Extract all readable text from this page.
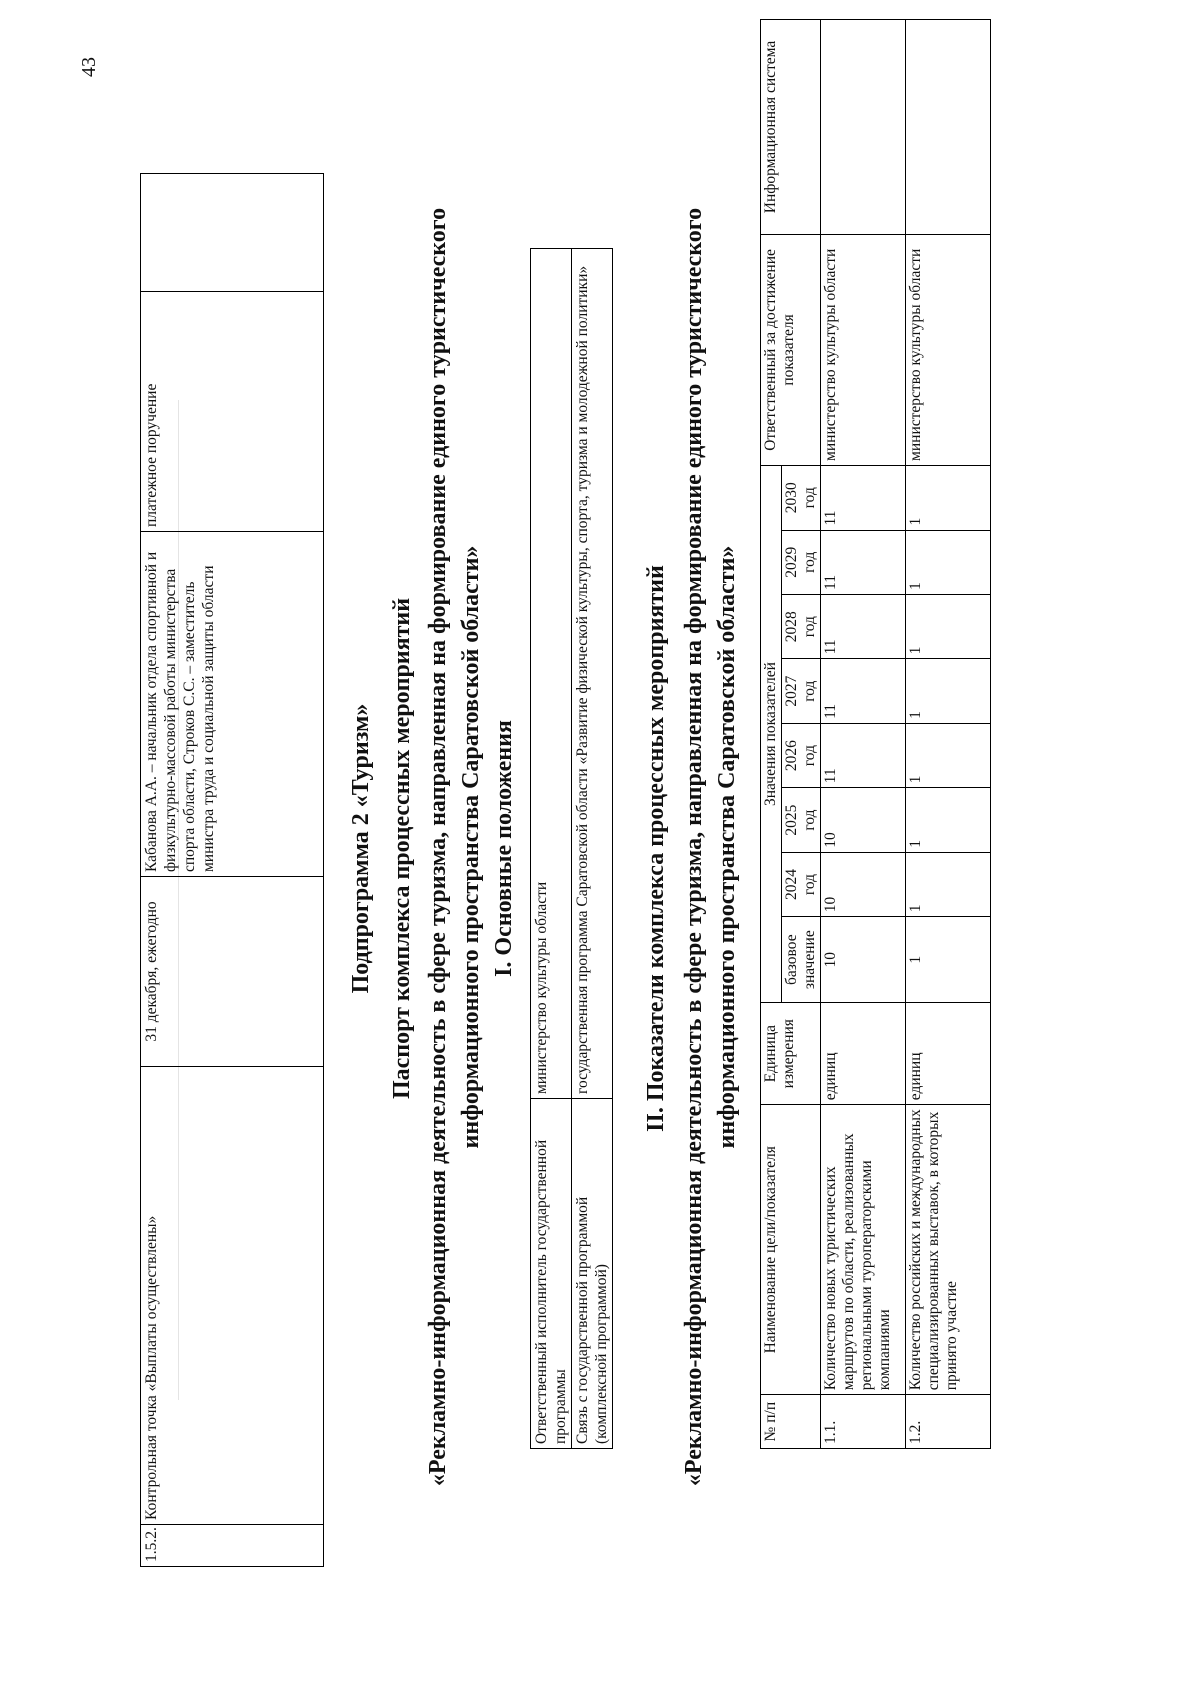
43
1.5.2.	Контрольная точка «Выплаты осуществлены»	31 декабря, ежегодно	Кабанова А.А. – начальник отдела спортивной и физкультурно-массовой работы министерства спорта области, Строков С.С. – заместитель министра труда и социальной защиты области	платежное поручение	
Подпрограмма 2 «Туризм» Паспорт комплекса процессных мероприятий «Рекламно-информационная деятельность в сфере туризма, направленная на формирование единого туристического информационного пространства Саратовской области» I. Основные положения
Ответственный исполнитель государственной программы	министерство культуры области
Связь с государственной программой (комплексной программой)	государственная программа Саратовской области «Развитие физической культуры, спорта, туризма и молодежной политики» II. Показатели комплекса процессных мероприятий «Рекламно-информационная деятельность в сфере туризма, направленная на формирование единого туристического информационного пространства Саратовской области»
№ п/п	Наименование цели/показателя	Единица измерения	Значения показателей								Ответственный за достижение показателя	Информационная система
			базовое значение	2024 год	2025 год	2026 год	2027 год	2028 год	2029 год	2030 год		
1.1.	Количество новых туристических маршрутов по области, реализованных региональными туроператорскими компаниями	единиц	10	10	10	11	11	11	11	11	министерство культуры области	
1.2.	Количество российских и международных специализированных выставок, в которых принято участие	единиц	1	1	1	1	1	1	1	1	министерство культуры области	
